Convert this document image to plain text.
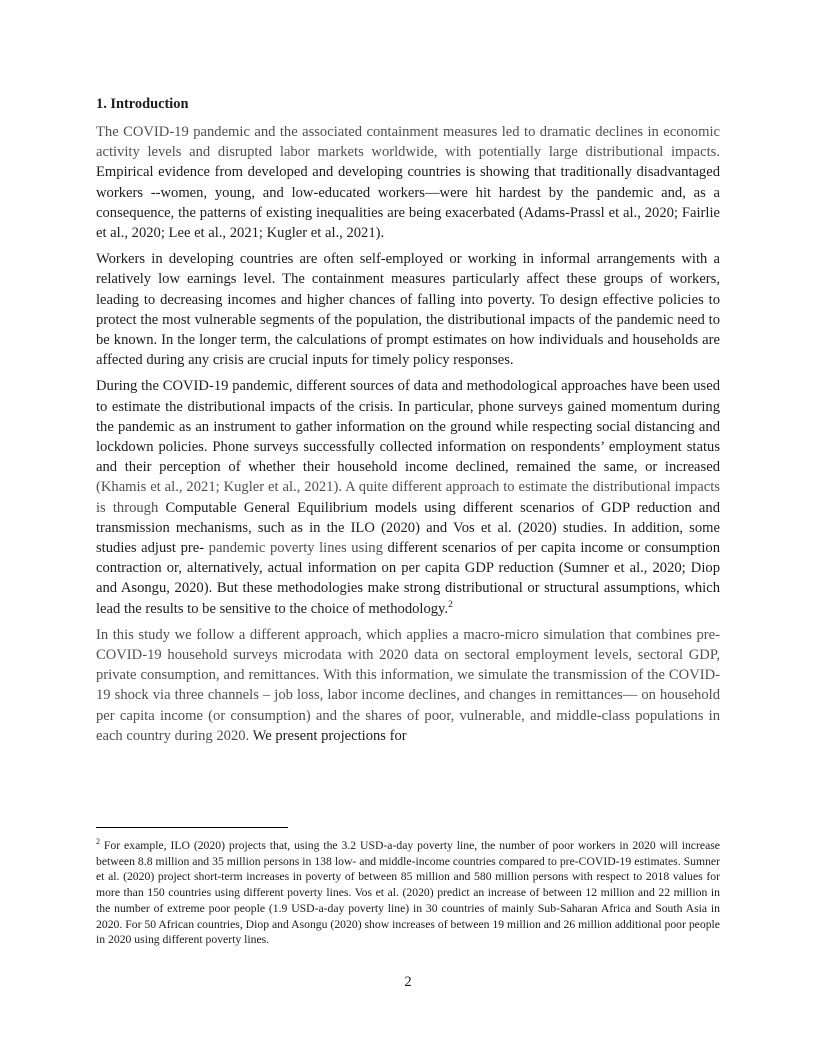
1. Introduction

The COVID-19 pandemic and the associated containment measures led to dramatic declines in economic activity levels and disrupted labor markets worldwide, with potentially large distributional impacts. Empirical evidence from developed and developing countries is showing that traditionally disadvantaged workers --women, young, and low-educated workers—were hit hardest by the pandemic and, as a consequence, the patterns of existing inequalities are being exacerbated (Adams-Prassl et al., 2020; Fairlie et al., 2020; Lee et al., 2021; Kugler et al., 2021).

Workers in developing countries are often self-employed or working in informal arrangements with a relatively low earnings level. The containment measures particularly affect these groups of workers, leading to decreasing incomes and higher chances of falling into poverty. To design effective policies to protect the most vulnerable segments of the population, the distributional impacts of the pandemic need to be known. In the longer term, the calculations of prompt estimates on how individuals and households are affected during any crisis are crucial inputs for timely policy responses.

During the COVID-19 pandemic, different sources of data and methodological approaches have been used to estimate the distributional impacts of the crisis. In particular, phone surveys gained momentum during the pandemic as an instrument to gather information on the ground while respecting social distancing and lockdown policies. Phone surveys successfully collected information on respondents’ employment status and their perception of whether their household income declined, remained the same, or increased (Khamis et al., 2021; Kugler et al., 2021). A quite different approach to estimate the distributional impacts is through Computable General Equilibrium models using different scenarios of GDP reduction and transmission mechanisms, such as in the ILO (2020) and Vos et al. (2020) studies. In addition, some studies adjust pre- pandemic poverty lines using different scenarios of per capita income or consumption contraction or, alternatively, actual information on per capita GDP reduction (Sumner et al., 2020; Diop and Asongu, 2020). But these methodologies make strong distributional or structural assumptions, which lead the results to be sensitive to the choice of methodology.$^2$

In this study we follow a different approach, which applies a macro-micro simulation that combines pre-COVID-19 household surveys microdata with 2020 data on sectoral employment levels, sectoral GDP, private consumption, and remittances. With this information, we simulate the transmission of the COVID-19 shock via three channels – job loss, labor income declines, and changes in remittances— on household per capita income (or consumption) and the shares of poor, vulnerable, and middle-class populations in each country during 2020. We present projections for

$^2$ For example, ILO (2020) projects that, using the 3.2 USD-a-day poverty line, the number of poor workers in 2020 will increase between 8.8 million and 35 million persons in 138 low- and middle-income countries compared to pre-COVID-19 estimates. Sumner et al. (2020) project short-term increases in poverty of between 85 million and 580 million persons with respect to 2018 values for more than 150 countries using different poverty lines. Vos et al. (2020) predict an increase of between 12 million and 22 million in the number of extreme poor people (1.9 USD-a-day poverty line) in 30 countries of mainly Sub-Saharan Africa and South Asia in 2020. For 50 African countries, Diop and Asongu (2020) show increases of between 19 million and 26 million additional poor people in 2020 using different poverty lines.

2
